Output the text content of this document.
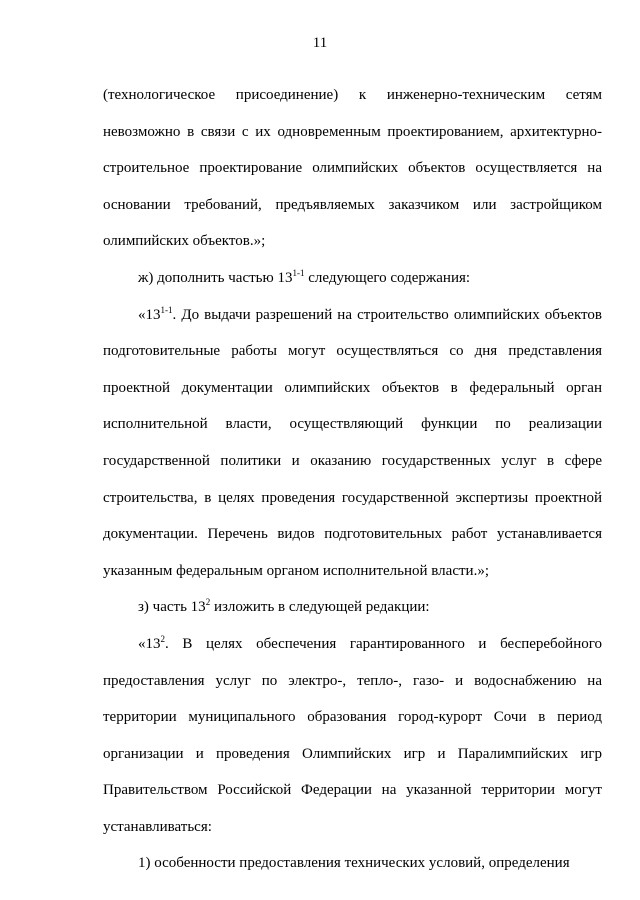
11

(технологическое присоединение) к инженерно-техническим сетям невозможно в связи с их одновременным проектированием, архитектурно-строительное проектирование олимпийских объектов осуществляется на основании требований, предъявляемых заказчиком или застройщиком олимпийских объектов.»;

ж) дополнить частью 13$^{1-1}$ следующего содержания:

«13$^{1-1}$. До выдачи разрешений на строительство олимпийских объектов подготовительные работы могут осуществляться со дня представления проектной документации олимпийских объектов в федеральный орган исполнительной власти, осуществляющий функции по реализации государственной политики и оказанию государственных услуг в сфере строительства, в целях проведения государственной экспертизы проектной документации. Перечень видов подготовительных работ устанавливается указанным федеральным органом исполнительной власти.»;

з) часть $13^2$ изложить в следующей редакции:

«$13^2$. В целях обеспечения гарантированного и бесперебойного предоставления услуг по электро-, тепло-, газо- и водоснабжению на территории муниципального образования город-курорт Сочи в период организации и проведения Олимпийских игр и Паралимпийских игр Правительством Российской Федерации на указанной территории могут устанавливаться:

1) особенности предоставления технических условий, определения
